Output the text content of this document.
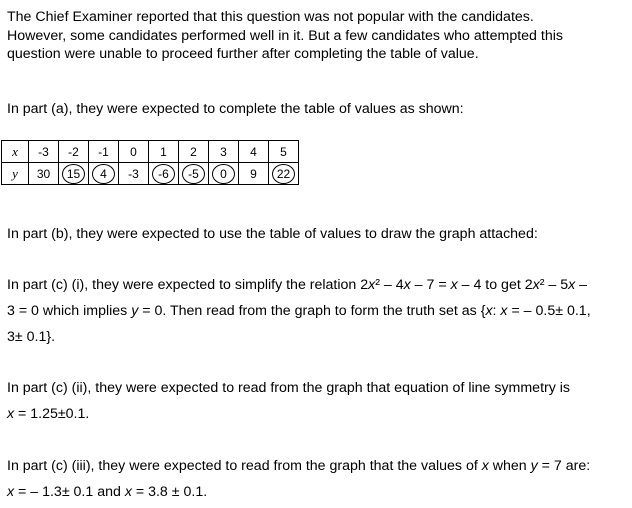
The Chief Examiner reported that this question was not popular with the candidates.
However, some candidates performed well in it. But a few candidates who attempted this
question were unable to proceed further after completing the table of value.

In part (a), they were expected to complete the table of values as shown:

x	-3	-2	-1	0	1	2	3	4	5
y	30	15	4	-3	-6	-5	0	9	22

In part (b), they were expected to use the table of values to draw the graph attached:

In part (c) (i), they were expected to simplify the relation 2x² – 4x – 7 = x – 4 to get 2x² – 5x –
3 = 0 which implies y = 0. Then read from the graph to form the truth set as {x: x = – 0.5± 0.1,
3± 0.1}.
In part (c) (ii), they were expected to read from the graph that equation of line symmetry is
x = 1.25±0.1.
In part (c) (iii), they were expected to read from the graph that the values of x when y = 7 are:
x = – 1.3± 0.1 and x = 3.8 ± 0.1.
